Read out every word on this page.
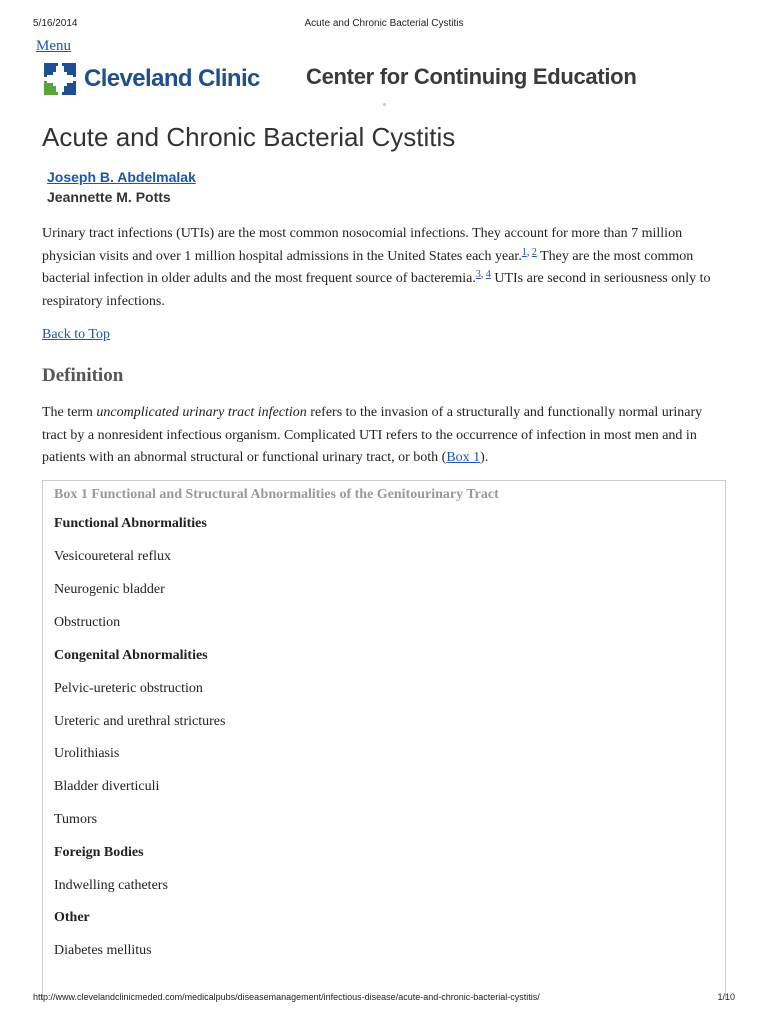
5/16/2014	Acute and Chronic Bacterial Cystitis
Menu
Cleveland Clinic Center for Continuing Education
Acute and Chronic Bacterial Cystitis
Joseph B. Abdelmalak
Jeannette M. Potts

Urinary tract infections (UTIs) are the most common nosocomial infections. They account for more than 7 million physician visits and over 1 million hospital admissions in the United States each year.$^{1, 2}$ They are the most common bacterial infection in older adults and the most frequent source of bacteremia.$^{3, 4}$ UTIs are second in seriousness only to respiratory infections.

Back to Top
Definition

The term uncomplicated urinary tract infection refers to the invasion of a structurally and functionally normal urinary tract by a nonresident infectious organism. Complicated UTI refers to the occurrence of infection in most men and in patients with an abnormal structural or functional urinary tract, or both (Box 1).

Box 1 Functional and Structural Abnormalities of the Genitourinary Tract
Functional Abnormalities
Vesicoureteral reflux
Neurogenic bladder
Obstruction
Congenital Abnormalities
Pelvic-ureteric obstruction
Ureteric and urethral strictures
Urolithiasis
Bladder diverticuli
Tumors
Foreign Bodies
Indwelling catheters
Other
Diabetes mellitus
http://www.clevelandclinicmeded.com/medicalpubs/diseasemanagement/infectious-disease/acute-and-chronic-bacterial-cystitis/	1/10
